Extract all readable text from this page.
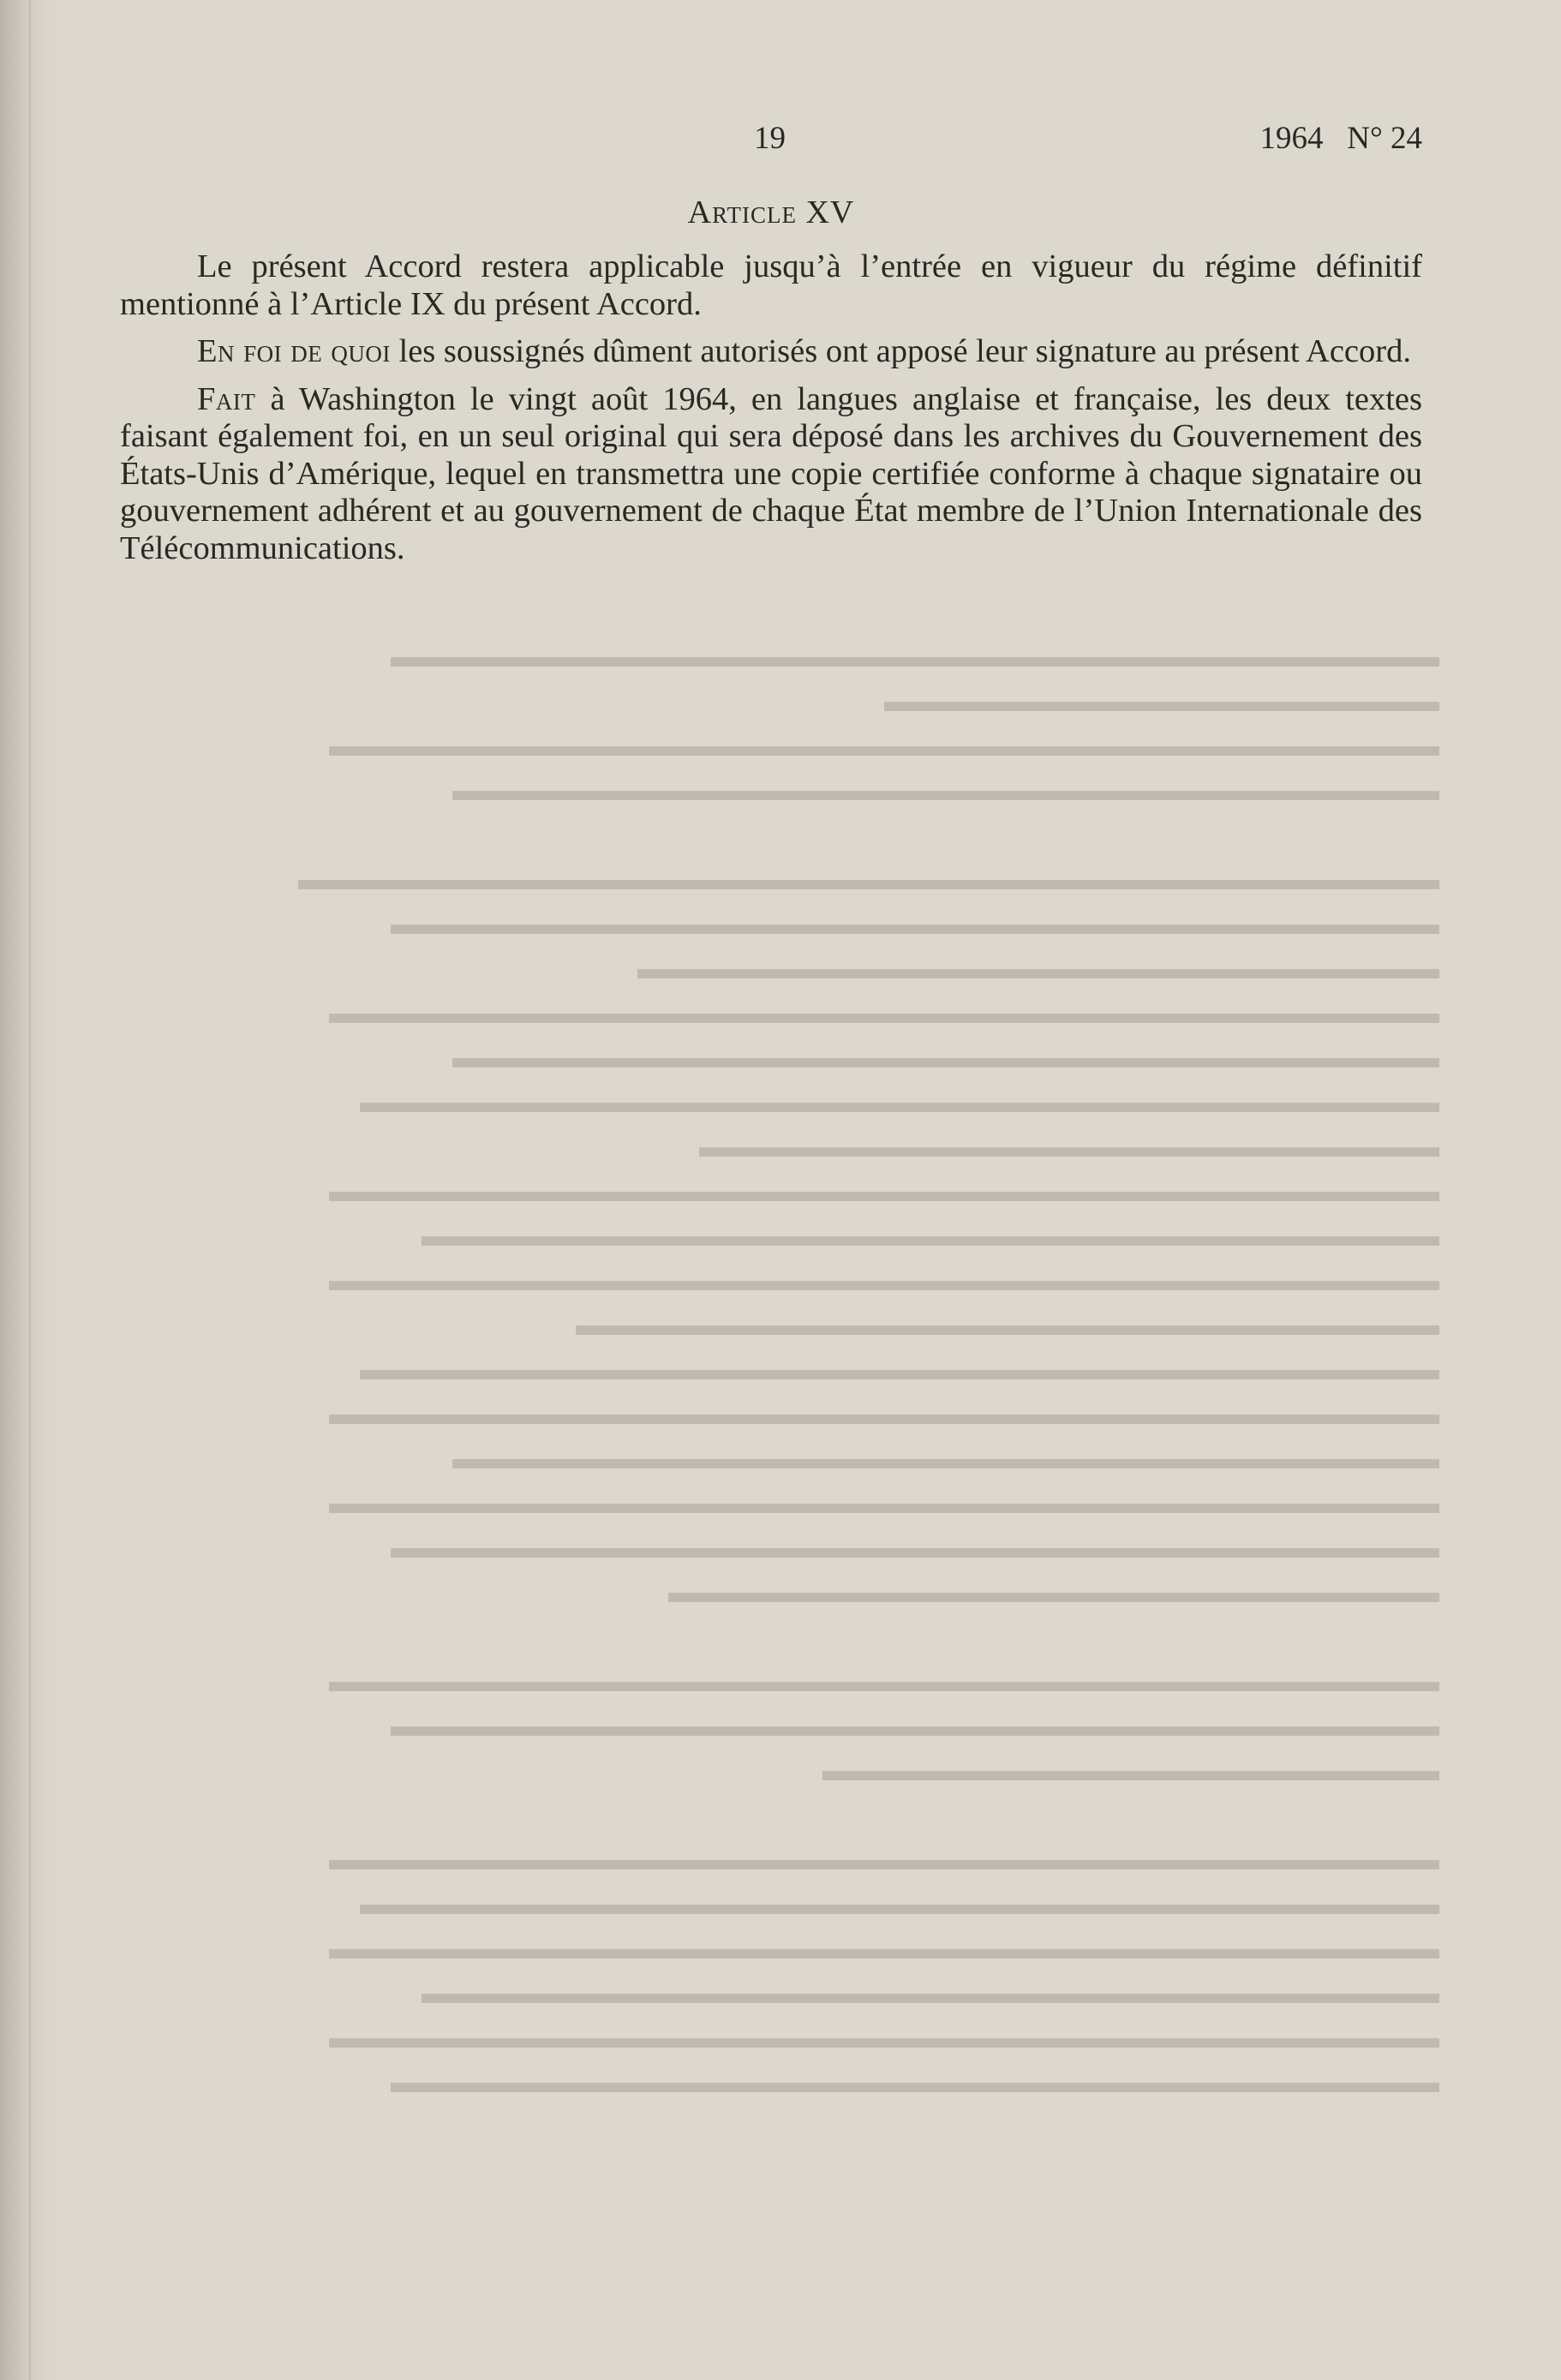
19	1964   N° 24
Article XV

Le présent Accord restera applicable jusqu’à l’entrée en vigueur du régime définitif mentionné à l’Article IX du présent Accord.

En foi de quoi les soussignés dûment autorisés ont apposé leur signature au présent Accord.

Fait à Washington le vingt août 1964, en langues anglaise et française, les deux textes faisant également foi, en un seul original qui sera déposé dans les archives du Gouvernement des États-Unis d’Amérique, lequel en transmettra une copie certifiée conforme à chaque signataire ou gouvernement adhérent et au gouvernement de chaque État membre de l’Union Internationale des Télécommunications.

▬▬▬▬▬▬▬▬▬▬▬▬▬▬▬▬▬▬▬▬▬▬▬▬▬▬▬▬▬▬▬▬▬▬
▬▬▬▬▬▬▬▬▬▬▬▬▬▬▬▬▬▬
▬▬▬▬▬▬▬▬▬▬▬▬▬▬▬▬▬▬▬▬▬▬▬▬▬▬▬▬▬▬▬▬▬▬▬▬
▬▬▬▬▬▬▬▬▬▬▬▬▬▬▬▬▬▬▬▬▬▬▬▬▬▬▬▬▬▬▬▬

▬▬▬▬▬▬▬▬▬▬▬▬▬▬▬▬▬▬▬▬▬▬▬▬▬▬▬▬▬▬▬▬▬▬▬▬▬
▬▬▬▬▬▬▬▬▬▬▬▬▬▬▬▬▬▬▬▬▬▬▬▬▬▬▬▬▬▬▬▬▬▬
▬▬▬▬▬▬▬▬▬▬▬▬▬▬▬▬▬▬▬▬▬▬▬▬▬▬
▬▬▬▬▬▬▬▬▬▬▬▬▬▬▬▬▬▬▬▬▬▬▬▬▬▬▬▬▬▬▬▬▬▬▬▬
▬▬▬▬▬▬▬▬▬▬▬▬▬▬▬▬▬▬▬▬▬▬▬▬▬▬▬▬▬▬▬▬
▬▬▬▬▬▬▬▬▬▬▬▬▬▬▬▬▬▬▬▬▬▬▬▬▬▬▬▬▬▬▬▬▬▬▬
▬▬▬▬▬▬▬▬▬▬▬▬▬▬▬▬▬▬▬▬▬▬▬▬
▬▬▬▬▬▬▬▬▬▬▬▬▬▬▬▬▬▬▬▬▬▬▬▬▬▬▬▬▬▬▬▬▬▬▬▬
▬▬▬▬▬▬▬▬▬▬▬▬▬▬▬▬▬▬▬▬▬▬▬▬▬▬▬▬▬▬▬▬▬
▬▬▬▬▬▬▬▬▬▬▬▬▬▬▬▬▬▬▬▬▬▬▬▬▬▬▬▬▬▬▬▬▬▬▬▬
▬▬▬▬▬▬▬▬▬▬▬▬▬▬▬▬▬▬▬▬▬▬▬▬▬▬▬▬
▬▬▬▬▬▬▬▬▬▬▬▬▬▬▬▬▬▬▬▬▬▬▬▬▬▬▬▬▬▬▬▬▬▬▬
▬▬▬▬▬▬▬▬▬▬▬▬▬▬▬▬▬▬▬▬▬▬▬▬▬▬▬▬▬▬▬▬▬▬▬▬
▬▬▬▬▬▬▬▬▬▬▬▬▬▬▬▬▬▬▬▬▬▬▬▬▬▬▬▬▬▬▬▬
▬▬▬▬▬▬▬▬▬▬▬▬▬▬▬▬▬▬▬▬▬▬▬▬▬▬▬▬▬▬▬▬▬▬▬▬
▬▬▬▬▬▬▬▬▬▬▬▬▬▬▬▬▬▬▬▬▬▬▬▬▬▬▬▬▬▬▬▬▬▬
▬▬▬▬▬▬▬▬▬▬▬▬▬▬▬▬▬▬▬▬▬▬▬▬▬

▬▬▬▬▬▬▬▬▬▬▬▬▬▬▬▬▬▬▬▬▬▬▬▬▬▬▬▬▬▬▬▬▬▬▬▬
▬▬▬▬▬▬▬▬▬▬▬▬▬▬▬▬▬▬▬▬▬▬▬▬▬▬▬▬▬▬▬▬▬▬
▬▬▬▬▬▬▬▬▬▬▬▬▬▬▬▬▬▬▬▬

▬▬▬▬▬▬▬▬▬▬▬▬▬▬▬▬▬▬▬▬▬▬▬▬▬▬▬▬▬▬▬▬▬▬▬▬
▬▬▬▬▬▬▬▬▬▬▬▬▬▬▬▬▬▬▬▬▬▬▬▬▬▬▬▬▬▬▬▬▬▬▬
▬▬▬▬▬▬▬▬▬▬▬▬▬▬▬▬▬▬▬▬▬▬▬▬▬▬▬▬▬▬▬▬▬▬▬▬
▬▬▬▬▬▬▬▬▬▬▬▬▬▬▬▬▬▬▬▬▬▬▬▬▬▬▬▬▬▬▬▬▬
▬▬▬▬▬▬▬▬▬▬▬▬▬▬▬▬▬▬▬▬▬▬▬▬▬▬▬▬▬▬▬▬▬▬▬▬
▬▬▬▬▬▬▬▬▬▬▬▬▬▬▬▬▬▬▬▬▬▬▬▬▬▬▬▬▬▬▬▬▬▬
